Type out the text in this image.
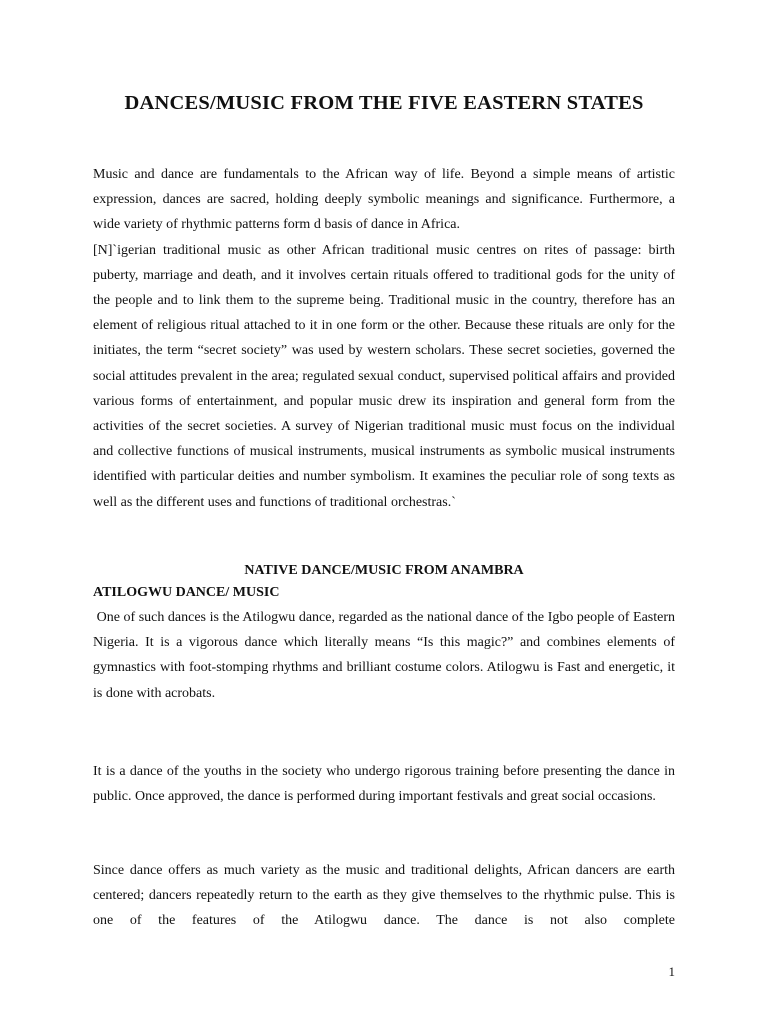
DANCES/MUSIC FROM THE FIVE EASTERN STATES
Music and dance are fundamentals to the African way of life. Beyond a simple means of artistic expression, dances are sacred, holding deeply symbolic meanings and significance. Furthermore, a wide variety of rhythmic patterns form d basis of dance in Africa.
[N]`igerian traditional music as other African traditional music centres on rites of passage: birth puberty, marriage and death, and it involves certain rituals offered to traditional gods for the unity of the people and to link them to the supreme being. Traditional music in the country, therefore has an element of religious ritual attached to it in one form or the other. Because these rituals are only for the initiates, the term “secret society” was used by western scholars. These secret societies, governed the social attitudes prevalent in the area; regulated sexual conduct, supervised political affairs and provided various forms of entertainment, and popular music drew its inspiration and general form from the activities of the secret societies. A survey of Nigerian traditional music must focus on the individual and collective functions of musical instruments, musical instruments as symbolic musical instruments identified with particular deities and number symbolism. It examines the peculiar role of song texts as well as the different uses and functions of traditional orchestras.`
NATIVE DANCE/MUSIC FROM ANAMBRA
ATILOGWU DANCE/ MUSIC
One of such dances is the Atilogwu dance, regarded as the national dance of the Igbo people of Eastern Nigeria. It is a vigorous dance which literally means “Is this magic?” and combines elements of gymnastics with foot-stomping rhythms and brilliant costume colors. Atilogwu is Fast and energetic, it is done with acrobats.
It is a dance of the youths in the society who undergo rigorous training before presenting the dance in public. Once approved, the dance is performed during important festivals and great social occasions.
Since dance offers as much variety as the music and traditional delights, African dancers are earth centered; dancers repeatedly return to the earth as they give themselves to the rhythmic pulse. This is one of the features of the Atilogwu dance. The dance is not also complete
1
